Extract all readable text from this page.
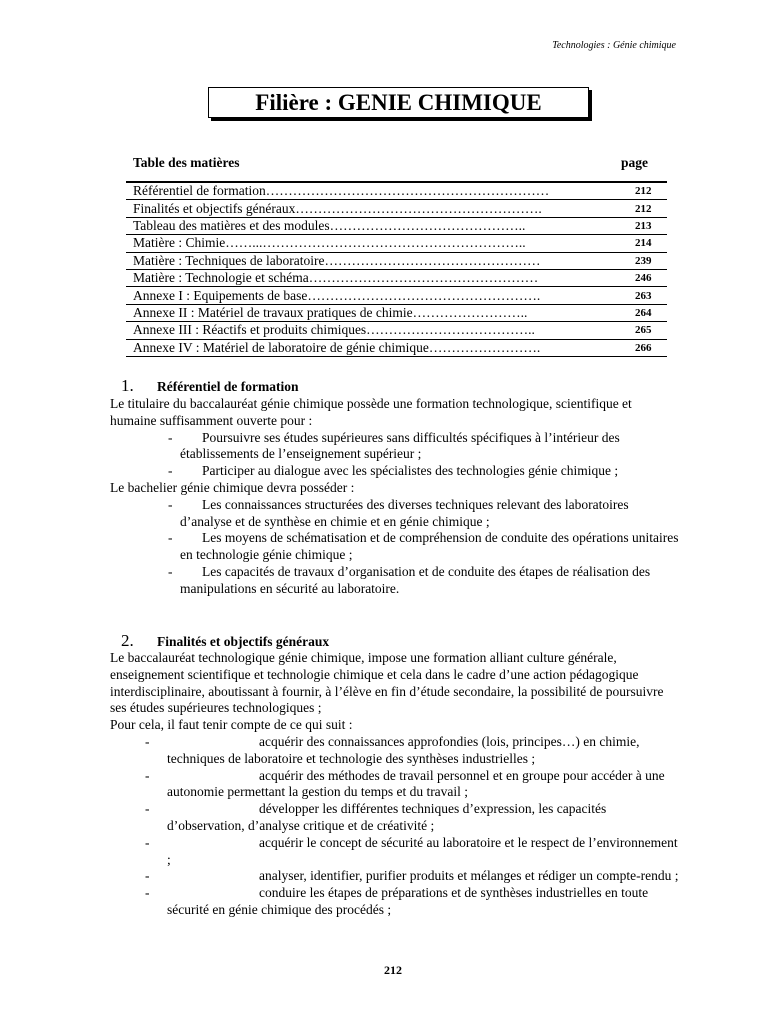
Technologies : Génie chimique
Filière : GENIE CHIMIQUE
Table des matières	page
Référentiel de formation………………………………………………………	212
Finalités et objectifs généraux……………………………………………….	212
Tableau des matières et des modules……………………………………..	213
Matière : Chimie……...…………………………………………………..	214
Matière : Techniques de laboratoire…………………………………………	239
Matière : Technologie et schéma……………………………………………	246
Annexe I : Equipements de base…………………………………………….	263
Annexe II : Matériel de travaux pratiques de chimie……………………..	264
Annexe III : Réactifs et produits chimiques………………………………..	265
Annexe IV : Matériel de laboratoire de génie chimique…………………….	266
1. Référentiel de formation

Le titulaire du baccalauréat génie chimique possède une formation technologique, scientifique et humaine suffisamment ouverte pour :

-	Poursuivre ses études supérieures sans difficultés spécifiques à l’intérieur des établissements de l’enseignement supérieur ;

-	Participer au dialogue avec les spécialistes des technologies génie chimique ;

Le bachelier génie chimique devra posséder :

-	Les connaissances structurées des diverses techniques relevant des laboratoires d’analyse et de synthèse en chimie et en génie chimique ;

-	Les moyens de schématisation et de compréhension de conduite des opérations unitaires en technologie génie chimique ;

-	Les capacités de travaux d’organisation et de conduite des étapes de réalisation des manipulations en sécurité au laboratoire.

2. Finalités et objectifs généraux

Le baccalauréat technologique génie chimique, impose une formation alliant culture générale, enseignement scientifique et technologie chimique et cela dans le cadre d’une action pédagogique interdisciplinaire, aboutissant à fournir, à l’élève en fin d’étude secondaire, la possibilité de poursuivre ses études supérieures technologiques ;

Pour cela, il faut tenir compte de ce qui suit :

-	acquérir des connaissances approfondies (lois, principes…) en chimie, techniques de laboratoire et technologie des synthèses industrielles ;

-	acquérir des méthodes de travail personnel et en groupe pour accéder à une autonomie permettant la gestion du temps et du travail ;

-	développer les différentes techniques d’expression, les capacités d’observation, d’analyse critique et de créativité ;

-	acquérir le concept de sécurité au laboratoire et le respect de l’environnement ;

-	analyser, identifier, purifier produits et mélanges et rédiger un compte-rendu ;

-	conduire les étapes de préparations et de synthèses industrielles en toute sécurité en génie chimique des procédés ;

212
